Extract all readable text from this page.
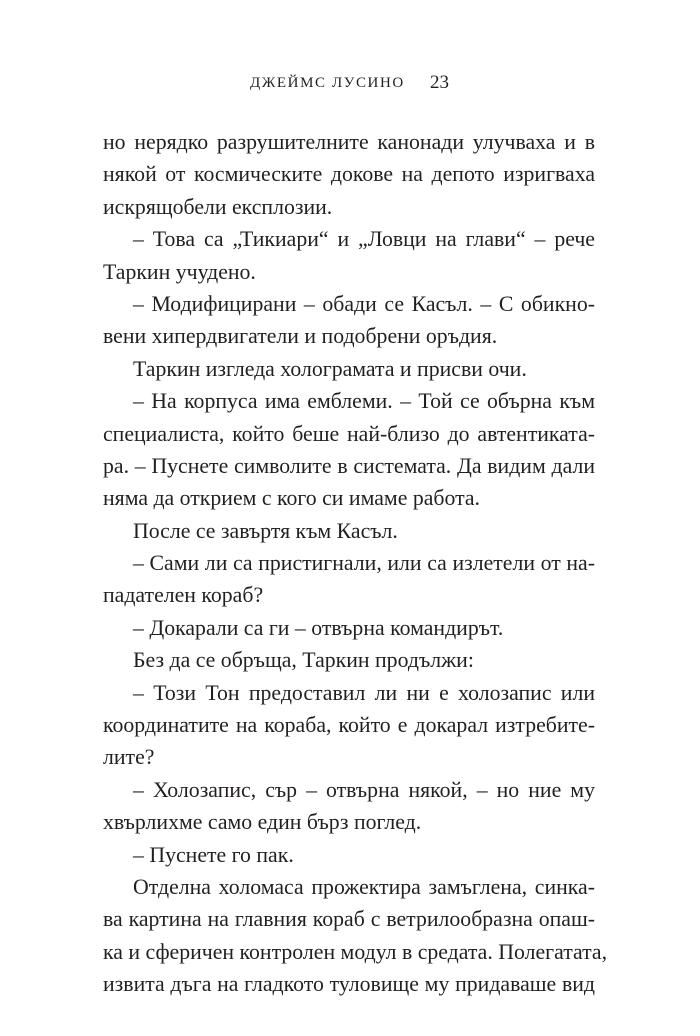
ДЖЕЙМС ЛУСИНО 23
но нерядко разрушителните канонади улучваха и в
някой от космическите докове на депото изригваха
искрящобели експлозии.
– Това са „Тикиари“ и „Ловци на глави“ – рече
Таркин учудено.
– Модифицирани – обади се Касъл. – С обикно-
вени хипердвигатели и подобрени оръдия.
Таркин изгледа холограмата и присви очи.
– На корпуса има емблеми. – Той се обърна към
специалиста, който беше най-близо до автентиката-
ра. – Пуснете символите в системата. Да видим дали
няма да открием с кого си имаме работа.
После се завъртя към Касъл.
– Сами ли са пристигнали, или са излетели от на-
падателен кораб?
– Докарали са ги – отвърна командирът.
Без да се обръща, Таркин продължи:
– Този Тон предоставил ли ни е холозапис или
координатите на кораба, който е докарал изтребите-
лите?
– Холозапис, сър – отвърна някой, – но ние му
хвърлихме само един бърз поглед.
– Пуснете го пак.
Отделна холомаса прожектира замъглена, синка-
ва картина на главния кораб с ветрилообразна опаш-
ка и сферичен контролен модул в средата. Полегатата,
извита дъга на гладкото туловище му придаваше вид
